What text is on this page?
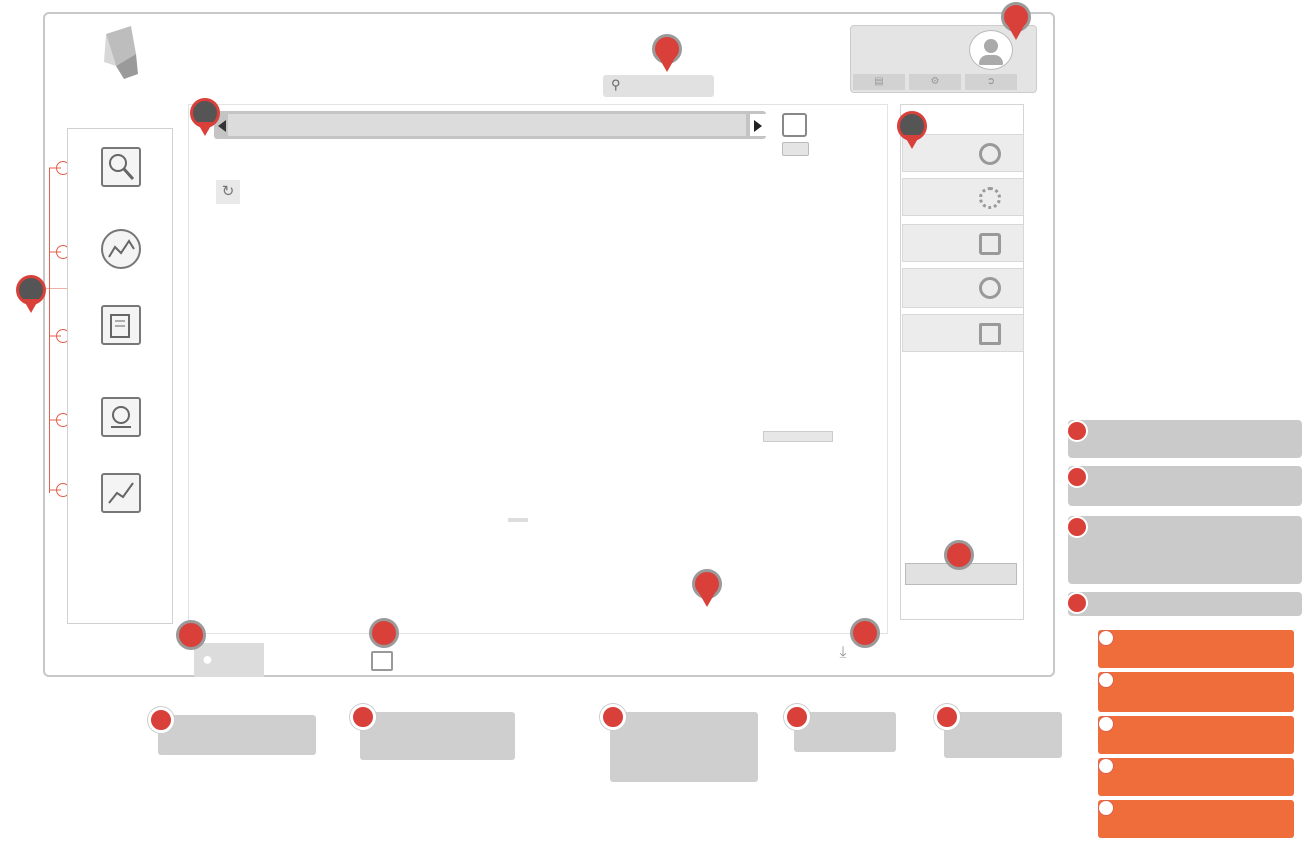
⚲	▤	⚙	➲
↻
●	⤓
